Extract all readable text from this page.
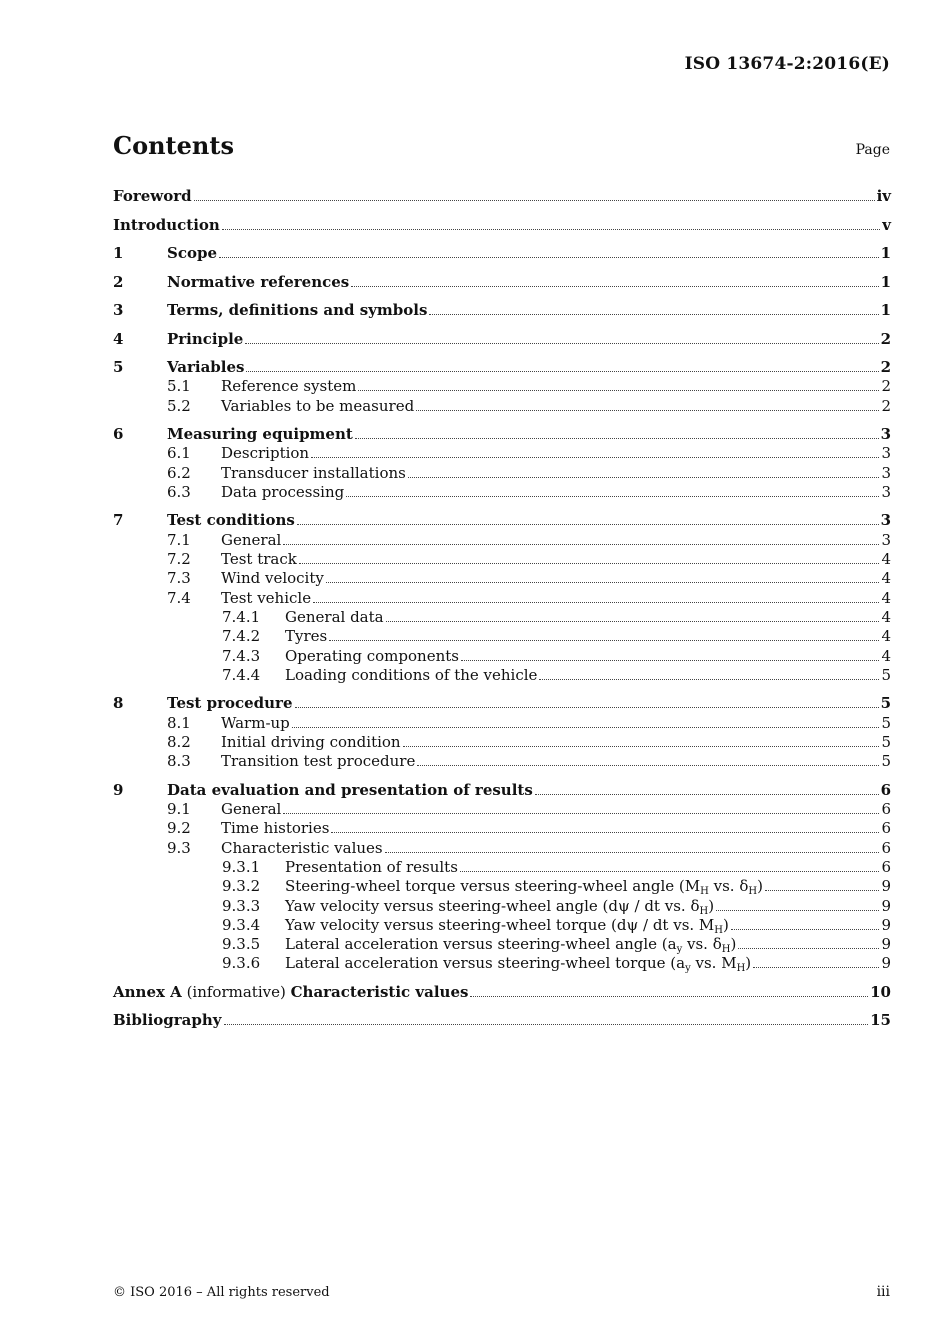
ISO 13674-2:2016(E)
Contents	Page
Foreword	iv
Introduction	v
1	Scope	1
2	Normative references	1
3	Terms, definitions and symbols	1
4	Principle	2
5	Variables	2
5.1	Reference system	2
5.2	Variables to be measured	2
6	Measuring equipment	3
6.1	Description	3
6.2	Transducer installations	3
6.3	Data processing	3
7	Test conditions	3
7.1	General	3
7.2	Test track	4
7.3	Wind velocity	4
7.4	Test vehicle	4
7.4.1	General data	4
7.4.2	Tyres	4
7.4.3	Operating components	4
7.4.4	Loading conditions of the vehicle	5
8	Test procedure	5
8.1	Warm-up	5
8.2	Initial driving condition	5
8.3	Transition test procedure	5
9	Data evaluation and presentation of results	6
9.1	General	6
9.2	Time histories	6
9.3	Characteristic values	6
9.3.1	Presentation of results	6
9.3.2	Steering-wheel torque versus steering-wheel angle ($M_H$ vs. $\delta_H$)	9
9.3.3	Yaw velocity versus steering-wheel angle (dψ / dt vs. $\delta_H$)	9
9.3.4	Yaw velocity versus steering-wheel torque (dψ / dt vs. $M_H$)	9
9.3.5	Lateral acceleration versus steering-wheel angle ($a_y$ vs. $\delta_H$)	9
9.3.6	Lateral acceleration versus steering-wheel torque ($a_y$ vs. $M_H$)	9
Annex A (informative) Characteristic values	10
Bibliography	15
© ISO 2016 – All rights reserved	iii
